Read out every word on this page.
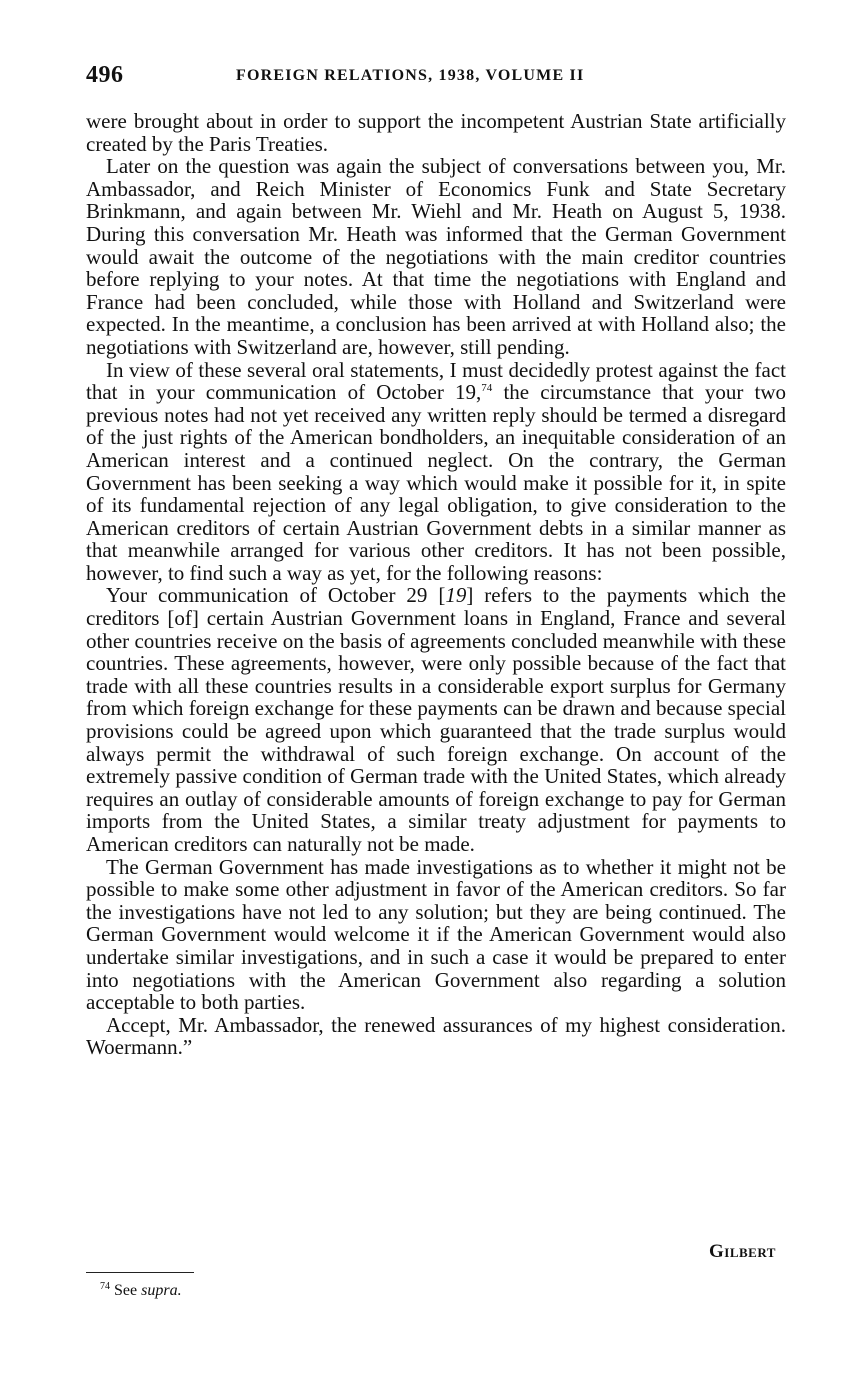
496	FOREIGN RELATIONS, 1938, VOLUME II

were brought about in order to support the incompetent Austrian State artificially created by the Paris Treaties.

Later on the question was again the subject of conversations between you, Mr. Ambassador, and Reich Minister of Economics Funk and State Secretary Brinkmann, and again between Mr. Wiehl and Mr. Heath on August 5, 1938. During this conversation Mr. Heath was informed that the German Government would await the outcome of the negotiations with the main creditor countries before replying to your notes. At that time the negotiations with England and France had been concluded, while those with Holland and Switzerland were expected. In the meantime, a conclusion has been arrived at with Holland also; the negotiations with Switzerland are, however, still pending.

In view of these several oral statements, I must decidedly protest against the fact that in your communication of October 19,74 the circumstance that your two previous notes had not yet received any written reply should be termed a disregard of the just rights of the American bondholders, an inequitable consideration of an American interest and a continued neglect. On the contrary, the German Government has been seeking a way which would make it possible for it, in spite of its fundamental rejection of any legal obligation, to give consideration to the American creditors of certain Austrian Government debts in a similar manner as that meanwhile arranged for various other creditors. It has not been possible, however, to find such a way as yet, for the following reasons:

Your communication of October 29 [19] refers to the payments which the creditors [of] certain Austrian Government loans in England, France and several other countries receive on the basis of agreements concluded meanwhile with these countries. These agreements, however, were only possible because of the fact that trade with all these countries results in a considerable export surplus for Germany from which foreign exchange for these payments can be drawn and because special provisions could be agreed upon which guaranteed that the trade surplus would always permit the withdrawal of such foreign exchange. On account of the extremely passive condition of German trade with the United States, which already requires an outlay of considerable amounts of foreign exchange to pay for German imports from the United States, a similar treaty adjustment for payments to American creditors can naturally not be made.

The German Government has made investigations as to whether it might not be possible to make some other adjustment in favor of the American creditors. So far the investigations have not led to any solution; but they are being continued. The German Government would welcome it if the American Government would also undertake similar investigations, and in such a case it would be prepared to enter into negotiations with the American Government also regarding a solution acceptable to both parties.

Accept, Mr. Ambassador, the renewed assurances of my highest consideration. Woermann.”

Gilbert
$^{74}$ See supra.
